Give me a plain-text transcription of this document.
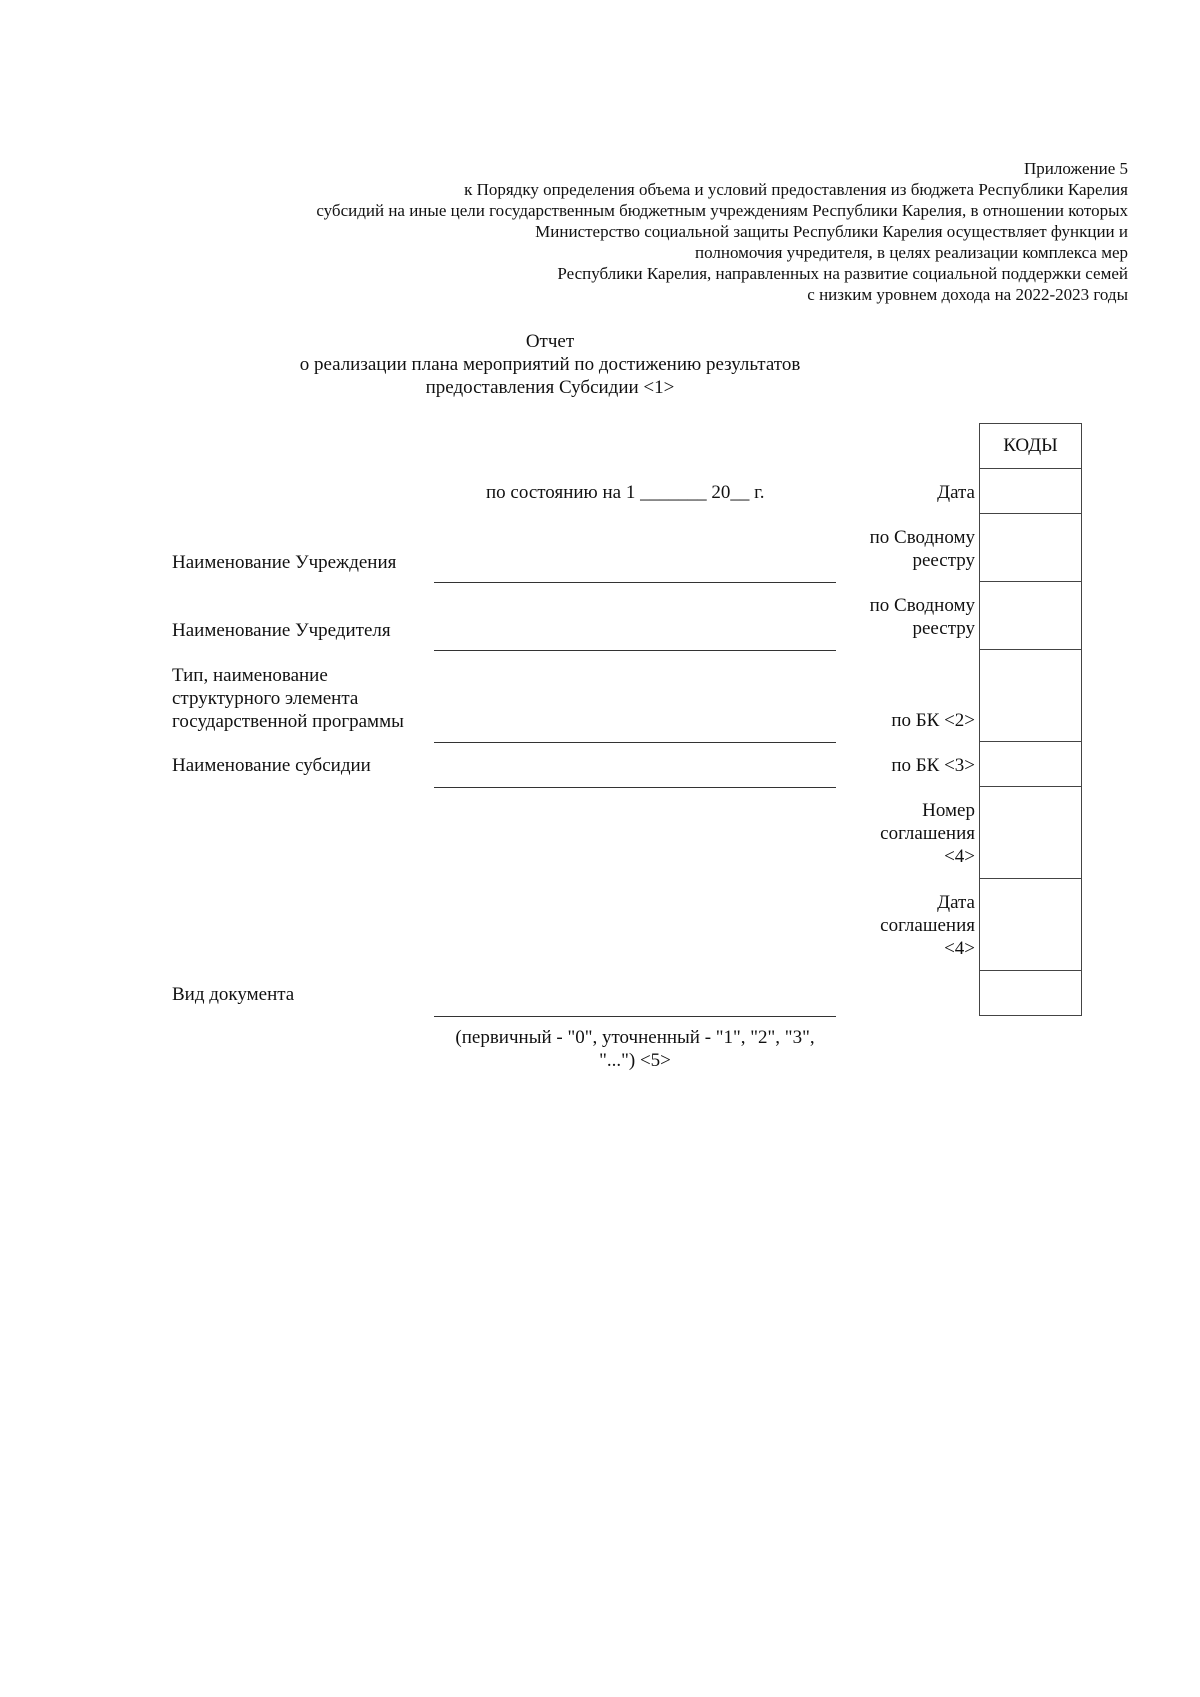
Приложение 5
к Порядку определения объема и условий предоставления из бюджета Республики Карелия
субсидий на иные цели государственным бюджетным учреждениям Республики Карелия, в отношении которых
Министерство социальной защиты Республики Карелия осуществляет функции и
полномочия учредителя, в целях реализации комплекса мер
Республики Карелия, направленных на развитие социальной поддержки семей
с низким уровнем дохода на 2022-2023 годы
Отчет
о реализации плана мероприятий по достижению результатов
предоставления Субсидии <1>
КОДЫ
по состоянию на 1 _______ 20__ г.	Дата
по Сводному
реестру
по Сводному
реестру
по БК <2>
по БК <3>
Номер
соглашения
<4>
Дата
соглашения
<4>
Наименование Учреждения
Наименование Учредителя
Тип, наименование
структурного элемента
государственной программы
Наименование субсидии
Вид документа
(первичный - "0", уточненный - "1", "2", "3",
"...") <5>
